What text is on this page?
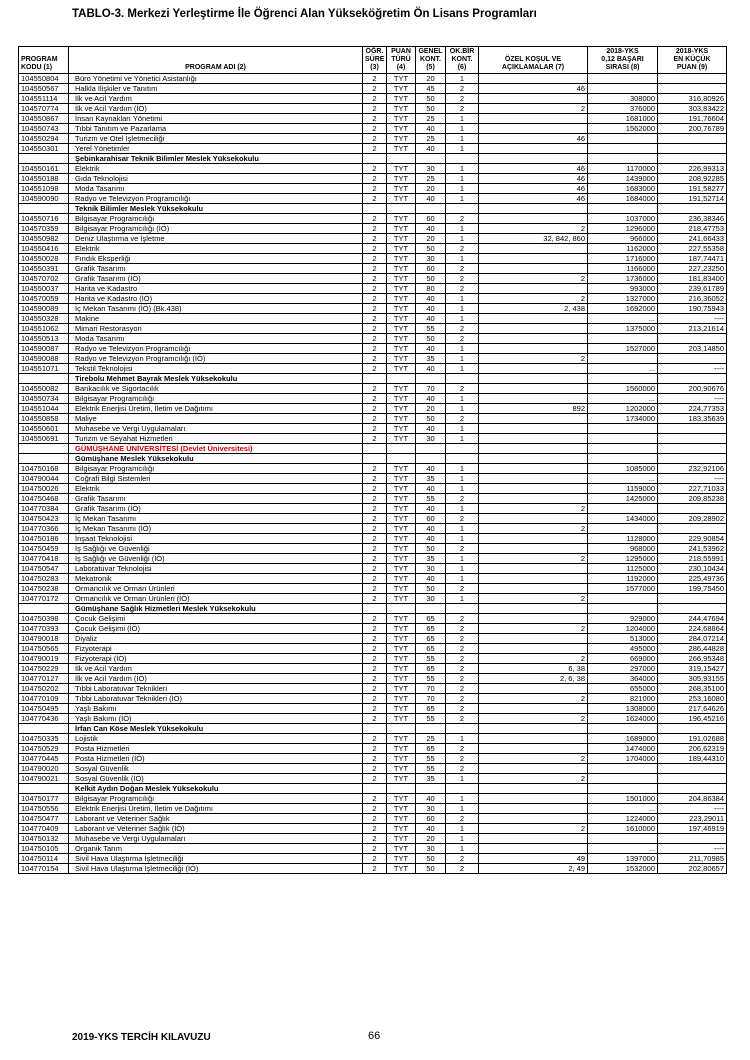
TABLO-3. Merkezi Yerleştirme İle Öğrenci Alan Yükseköğretim Ön Lisans Programları
PROGRAM
KODU (1)	PROGRAM ADI (2)	ÖĞR.
SÜRE
(3)	PUAN
TÜRÜ
(4)	GENEL
KONT.
(5)	OK.BİR
KONT.
(6)	ÖZEL KOŞUL VE
AÇIKLAMALAR (7)	2018-YKS
0,12 BAŞARI
SIRASI (8)	2018-YKS
EN KÜÇÜK
PUAN (9)
104550804	Büro Yönetimi ve Yönetici Asistanlığı	2	TYT	20	1			
104550567	Halkla İlişkiler ve Tanıtım	2	TYT	45	2	46		
104551114	İlk ve Acil Yardım	2	TYT	50	2		308000	316,80926
104570774	İlk ve Acil Yardım (İÖ)	2	TYT	50	2	2	376000	303,83422
104550867	İnsan Kaynakları Yönetimi	2	TYT	25	1		1681000	191,76604
104550743	Tıbbi Tanıtım ve Pazarlama	2	TYT	40	1		1562000	200,76789
104550294	Turizm ve Otel İşletmeciliği	2	TYT	25	1	46		
104550301	Yerel Yönetimler	2	TYT	40	1			
	Şebinkarahisar Teknik Bilimler Meslek Yüksekokulu							
104550161	Elektrik	2	TYT	30	1	46	1170000	226,99313
104550188	Gıda Teknolojisi	2	TYT	25	1	46	1439000	208,92285
104551098	Moda Tasarımı	2	TYT	20	1	46	1683000	191,58277
104590090	Radyo ve Televizyon Programcılığı	2	TYT	40	1	46	1684000	191,52714
	Teknik Bilimler Meslek Yüksekokulu							
104550716	Bilgisayar Programcılığı	2	TYT	60	2		1037000	236,38346
104570359	Bilgisayar Programcılığı (İÖ)	2	TYT	40	1	2	1296000	218,47753
104550982	Deniz Ulaştırma ve İşletme	2	TYT	20	1	32, 842, 860	966000	241,66433
104550416	Elektrik	2	TYT	50	2		1162000	227,55358
104550028	Fındık Eksperliği	2	TYT	30	1		1716000	187,74471
104550391	Grafik Tasarımı	2	TYT	60	2		1166000	227,23250
104570702	Grafik Tasarımı (İÖ)	2	TYT	50	2	2	1736000	181,83400
104550037	Harita ve Kadastro	2	TYT	80	2		993000	239,61789
104570059	Harita ve Kadastro (İÖ)	2	TYT	40	1	2	1327000	216,36052
104590089	İç Mekan Tasarımı (İÖ) (Bk.438)	2	TYT	40	1	2, 438	1692000	190,75943
104550328	Makine	2	TYT	40	1		...	----
104551062	Mimari Restorasyon	2	TYT	55	2		1375000	213,21614
104550513	Moda Tasarımı	2	TYT	50	2			
104590087	Radyo ve Televizyon Programcılığı	2	TYT	40	1		1527000	203,14850
104590088	Radyo ve Televizyon Programcılığı (İÖ)	2	TYT	35	1	2		
104551071	Tekstil Teknolojisi	2	TYT	40	1		...	----
	Tirebolu Mehmet Bayrak Meslek Yüksekokulu							
104550082	Bankacılık ve Sigortacılık	2	TYT	70	2		1560000	200,90676
104550734	Bilgisayar Programcılığı	2	TYT	40	1		...	----
104551044	Elektrik Enerjisi Üretim, İletim ve Dağıtımı	2	TYT	20	1	892	1202000	224,77353
104550858	Maliye	2	TYT	50	2		1734000	183,35639
104550601	Muhasebe ve Vergi Uygulamaları	2	TYT	40	1			
104550691	Turizm ve Seyahat Hizmetleri	2	TYT	30	1			
	GÜMÜŞHANE ÜNİVERSİTESİ (Devlet Üniversitesi)							
	Gümüşhane Meslek Yüksekokulu							
104750168	Bilgisayar Programcılığı	2	TYT	40	1		1085000	232,92106
104790044	Coğrafi Bilgi Sistemleri	2	TYT	35	1		...	----
104750026	Elektrik	2	TYT	40	1		1159000	227,71033
104750468	Grafik Tasarımı	2	TYT	55	2		1425000	209,85238
104770384	Grafik Tasarımı (İÖ)	2	TYT	40	1	2		
104750423	İç Mekan Tasarımı	2	TYT	60	2		1434000	209,28902
104770366	İç Mekan Tasarımı (İÖ)	2	TYT	40	1	2		
104750186	İnşaat Teknolojisi	2	TYT	40	1		1128000	229,90854
104750459	İş Sağlığı ve Güvenliği	2	TYT	50	2		968000	241,53962
104770418	İş Sağlığı ve Güvenliği (İÖ)	2	TYT	35	1	2	1295000	218,55991
104750547	Laboratuvar Teknolojisi	2	TYT	30	1		1125000	230,10434
104750283	Mekatronik	2	TYT	40	1		1192000	225,49736
104750238	Ormancılık ve Orman Ürünleri	2	TYT	50	2		1577000	199,75450
104770172	Ormancılık ve Orman Ürünleri (İÖ)	2	TYT	30	1	2		
	Gümüşhane Sağlık Hizmetleri Meslek Yüksekokulu							
104750398	Çocuk Gelişimi	2	TYT	65	2		929000	244,47694
104770393	Çocuk Gelişimi (İÖ)	2	TYT	65	2	2	1204000	224,68864
104790018	Diyaliz	2	TYT	65	2		513000	284,07214
104750565	Fizyoterapi	2	TYT	65	2		495000	286,44828
104790019	Fizyoterapi (İÖ)	2	TYT	55	2	2	669000	266,95348
104750229	İlk ve Acil Yardım	2	TYT	65	2	6, 38	297000	319,15427
104770127	İlk ve Acil Yardım (İÖ)	2	TYT	55	2	2, 6, 38	364000	305,93155
104750202	Tıbbi Laboratuvar Teknikleri	2	TYT	70	2		655000	268,35100
104770109	Tıbbi Laboratuvar Teknikleri (İÖ)	2	TYT	70	2	2	821000	253,16080
104750495	Yaşlı Bakımı	2	TYT	65	2		1308000	217,64626
104770436	Yaşlı Bakımı (İÖ)	2	TYT	55	2	2	1624000	196,45216
	İrfan Can Köse Meslek Yüksekokulu							
104750335	Lojistik	2	TYT	25	1		1689000	191,02688
104750529	Posta Hizmetleri	2	TYT	65	2		1474000	206,62319
104770445	Posta Hizmetleri (İÖ)	2	TYT	55	2	2	1704000	189,44310
104790020	Sosyal Güvenlik	2	TYT	55	2			
104790021	Sosyal Güvenlik (İÖ)	2	TYT	35	1	2		
	Kelkit Aydın Doğan Meslek Yüksekokulu							
104750177	Bilgisayar Programcılığı	2	TYT	40	1		1501000	204,86384
104750556	Elektrik Enerjisi Üretim, İletim ve Dağıtımı	2	TYT	30	1		...	----
104750477	Laborant ve Veteriner Sağlık	2	TYT	60	2		1224000	223,29011
104770409	Laborant ve Veteriner Sağlık (İÖ)	2	TYT	40	1	2	1610000	197,46919
104750132	Muhasebe ve Vergi Uygulamaları	2	TYT	20	1			
104750105	Organik Tarım	2	TYT	30	1		...	----
104750114	Sivil Hava Ulaştırma İşletmeciliği	2	TYT	50	2	49	1397000	211,70985
104770154	Sivil Hava Ulaştırma İşletmeciliği (İÖ)	2	TYT	50	2	2, 49	1532000	202,80657
2019-YKS TERCİH KILAVUZU	66
